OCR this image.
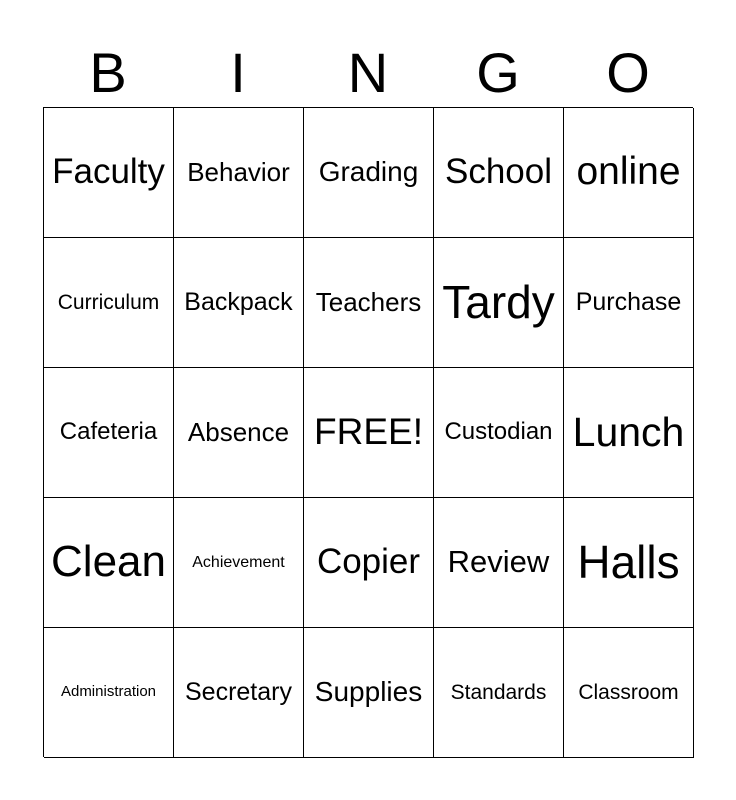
B	I	N	G	O
Faculty Behavior	Grading School online
Curriculum	Backpack Teachers Tardy Purchase
Cafeteria	Absence FREE! Custodian Lunch
Clean	Achievement Copier Review Halls
Administration	Secretary Supplies	Standards	Classroom
